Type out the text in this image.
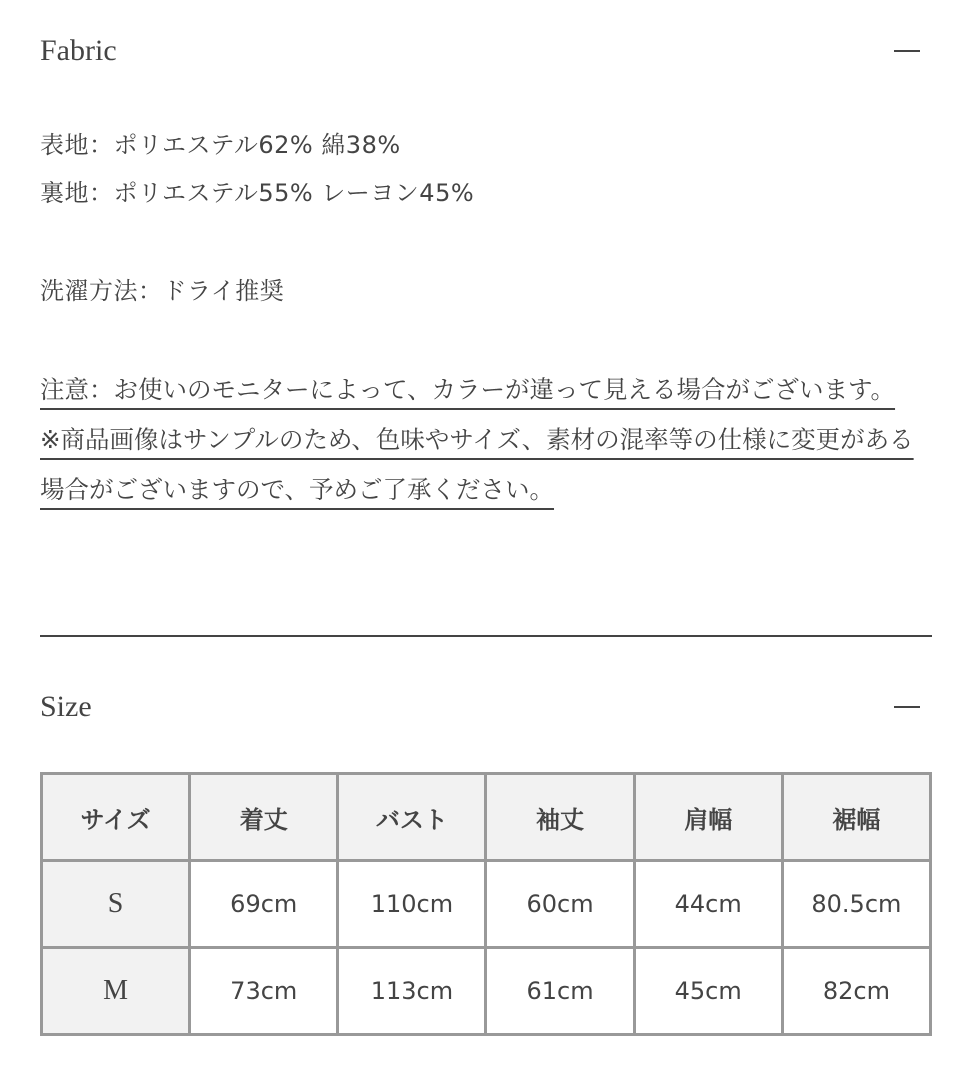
Fabric

表地：ポリエステル62% 綿38%

裏地：ポリエステル55% レーヨン45%

洗濯方法：ドライ推奨

注意：お使いのモニターによって、カラーが違って見える場合がございます。

※商品画像はサンプルのため、色味やサイズ、素材の混率等の仕様に変更がある場合がございますので、予めご了承ください。

Size
サイズ	着丈	バスト	袖丈	肩幅	裾幅
S	69cm	110cm	60cm	44cm	80.5cm
M	73cm	113cm	61cm	45cm	82cm
